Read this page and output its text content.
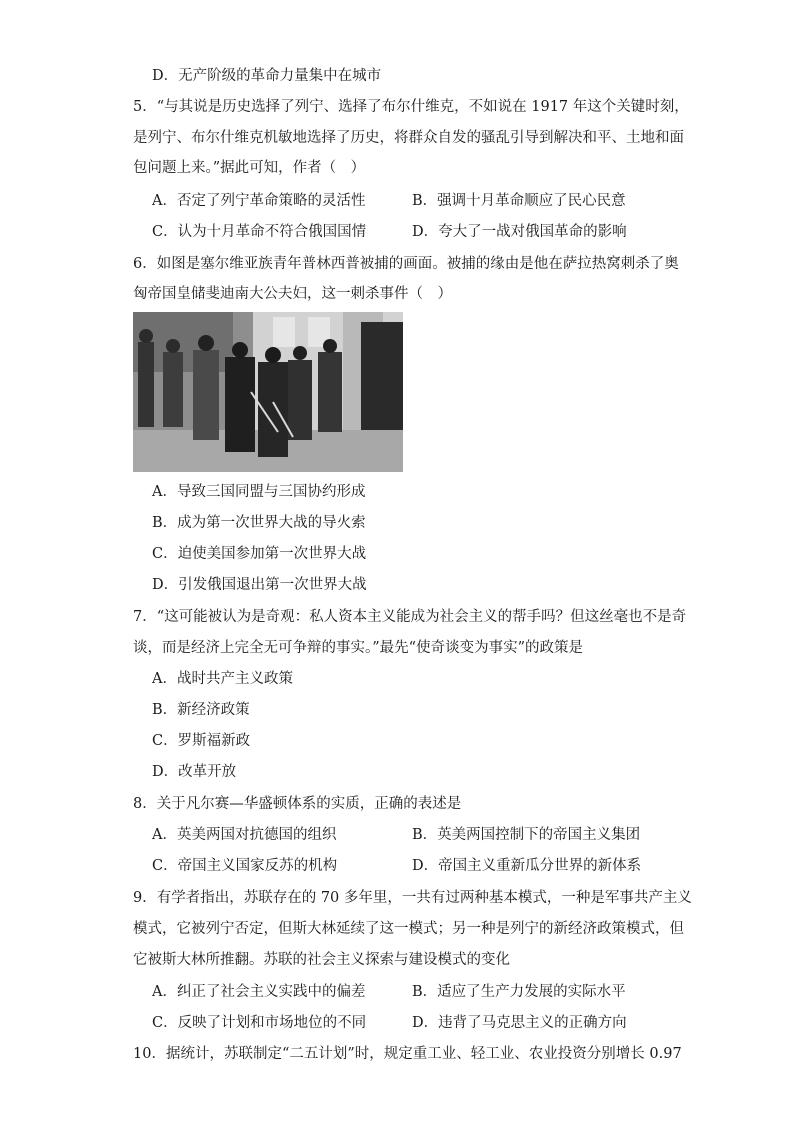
D．无产阶级的革命力量集中在城市
5．“与其说是历史选择了列宁、选择了布尔什维克，不如说在 1917 年这个关键时刻，
是列宁、布尔什维克机敏地选择了历史，将群众自发的骚乱引导到解决和平、土地和面
包问题上来。”据此可知，作者（　）
A．否定了列宁革命策略的灵活性	B．强调十月革命顺应了民心民意
C．认为十月革命不符合俄国国情	D．夸大了一战对俄国革命的影响
6．如图是塞尔维亚族青年普林西普被捕的画面。被捕的缘由是他在萨拉热窝刺杀了奥
匈帝国皇储斐迪南大公夫妇，这一刺杀事件（　）
A．导致三国同盟与三国协约形成
B．成为第一次世界大战的导火索
C．迫使美国参加第一次世界大战
D．引发俄国退出第一次世界大战
7．“这可能被认为是奇观：私人资本主义能成为社会主义的帮手吗？但这丝毫也不是奇
谈，而是经济上完全无可争辩的事实。”最先“使奇谈变为事实”的政策是
A．战时共产主义政策
B．新经济政策
C．罗斯福新政
D．改革开放
8．关于凡尔赛—华盛顿体系的实质，正确的表述是
A．英美两国对抗德国的组织	B．英美两国控制下的帝国主义集团
C．帝国主义国家反苏的机构	D．帝国主义重新瓜分世界的新体系
9．有学者指出，苏联存在的 70 多年里，一共有过两种基本模式，一种是军事共产主义
模式，它被列宁否定，但斯大林延续了这一模式；另一种是列宁的新经济政策模式，但
它被斯大林所推翻。苏联的社会主义探索与建设模式的变化
A．纠正了社会主义实践中的偏差	B．适应了生产力发展的实际水平
C．反映了计划和市场地位的不同	D．违背了马克思主义的正确方向
10．据统计，苏联制定“二五计划”时，规定重工业、轻工业、农业投资分别增长 0.97
